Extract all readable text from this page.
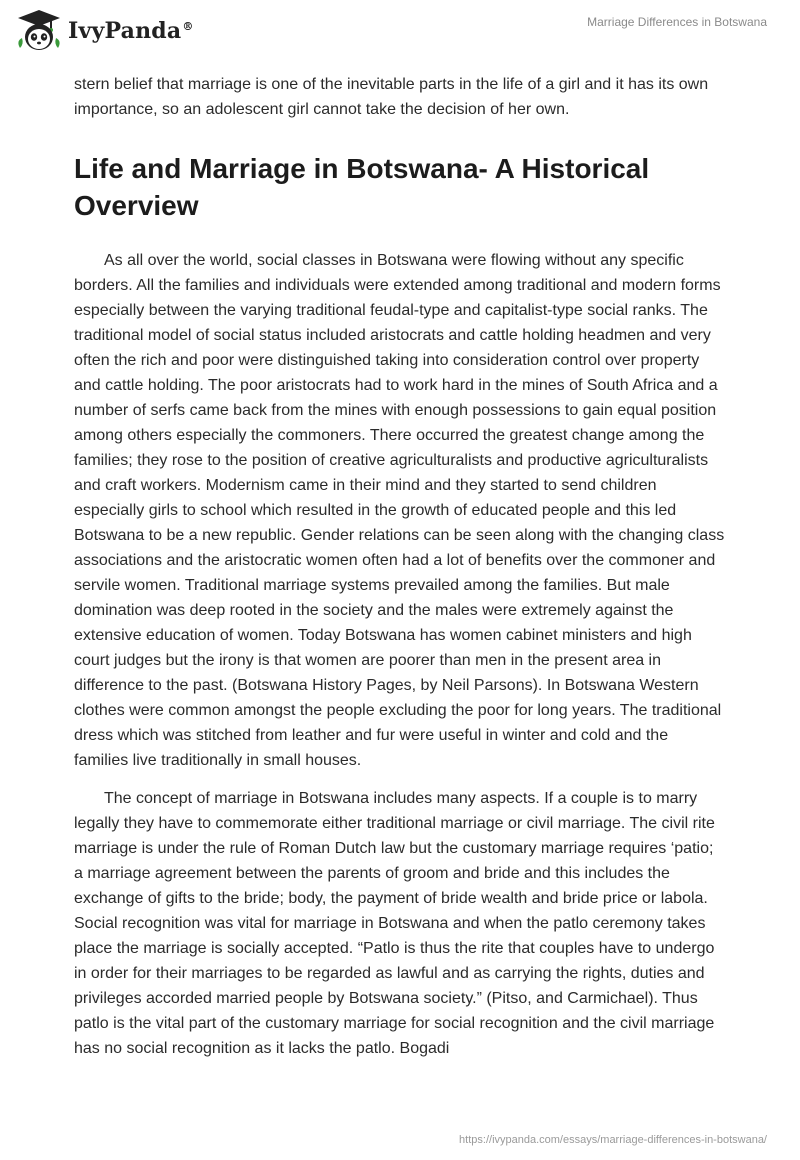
IvyPanda®	Marriage Differences in Botswana

stern belief that marriage is one of the inevitable parts in the life of a girl and it has its own importance, so an adolescent girl cannot take the decision of her own.

Life and Marriage in Botswana- A Historical Overview

As all over the world, social classes in Botswana were flowing without any specific borders. All the families and individuals were extended among traditional and modern forms especially between the varying traditional feudal-type and capitalist-type social ranks. The traditional model of social status included aristocrats and cattle holding headmen and very often the rich and poor were distinguished taking into consideration control over property and cattle holding. The poor aristocrats had to work hard in the mines of South Africa and a number of serfs came back from the mines with enough possessions to gain equal position among others especially the commoners. There occurred the greatest change among the families; they rose to the position of creative agriculturalists and productive agriculturalists and craft workers. Modernism came in their mind and they started to send children especially girls to school which resulted in the growth of educated people and this led Botswana to be a new republic. Gender relations can be seen along with the changing class associations and the aristocratic women often had a lot of benefits over the commoner and servile women. Traditional marriage systems prevailed among the families. But male domination was deep rooted in the society and the males were extremely against the extensive education of women. Today Botswana has women cabinet ministers and high court judges but the irony is that women are poorer than men in the present area in difference to the past. (Botswana History Pages, by Neil Parsons). In Botswana Western clothes were common amongst the people excluding the poor for long years. The traditional dress which was stitched from leather and fur were useful in winter and cold and the families live traditionally in small houses.

The concept of marriage in Botswana includes many aspects. If a couple is to marry legally they have to commemorate either traditional marriage or civil marriage. The civil rite marriage is under the rule of Roman Dutch law but the customary marriage requires ‘patio; a marriage agreement between the parents of groom and bride and this includes the exchange of gifts to the bride; body, the payment of bride wealth and bride price or labola. Social recognition was vital for marriage in Botswana and when the patlo ceremony takes place the marriage is socially accepted. “Patlo is thus the rite that couples have to undergo in order for their marriages to be regarded as lawful and as carrying the rights, duties and privileges accorded married people by Botswana society.” (Pitso, and Carmichael). Thus patlo is the vital part of the customary marriage for social recognition and the civil marriage has no social recognition as it lacks the patlo. Bogadi

https://ivypanda.com/essays/marriage-differences-in-botswana/
